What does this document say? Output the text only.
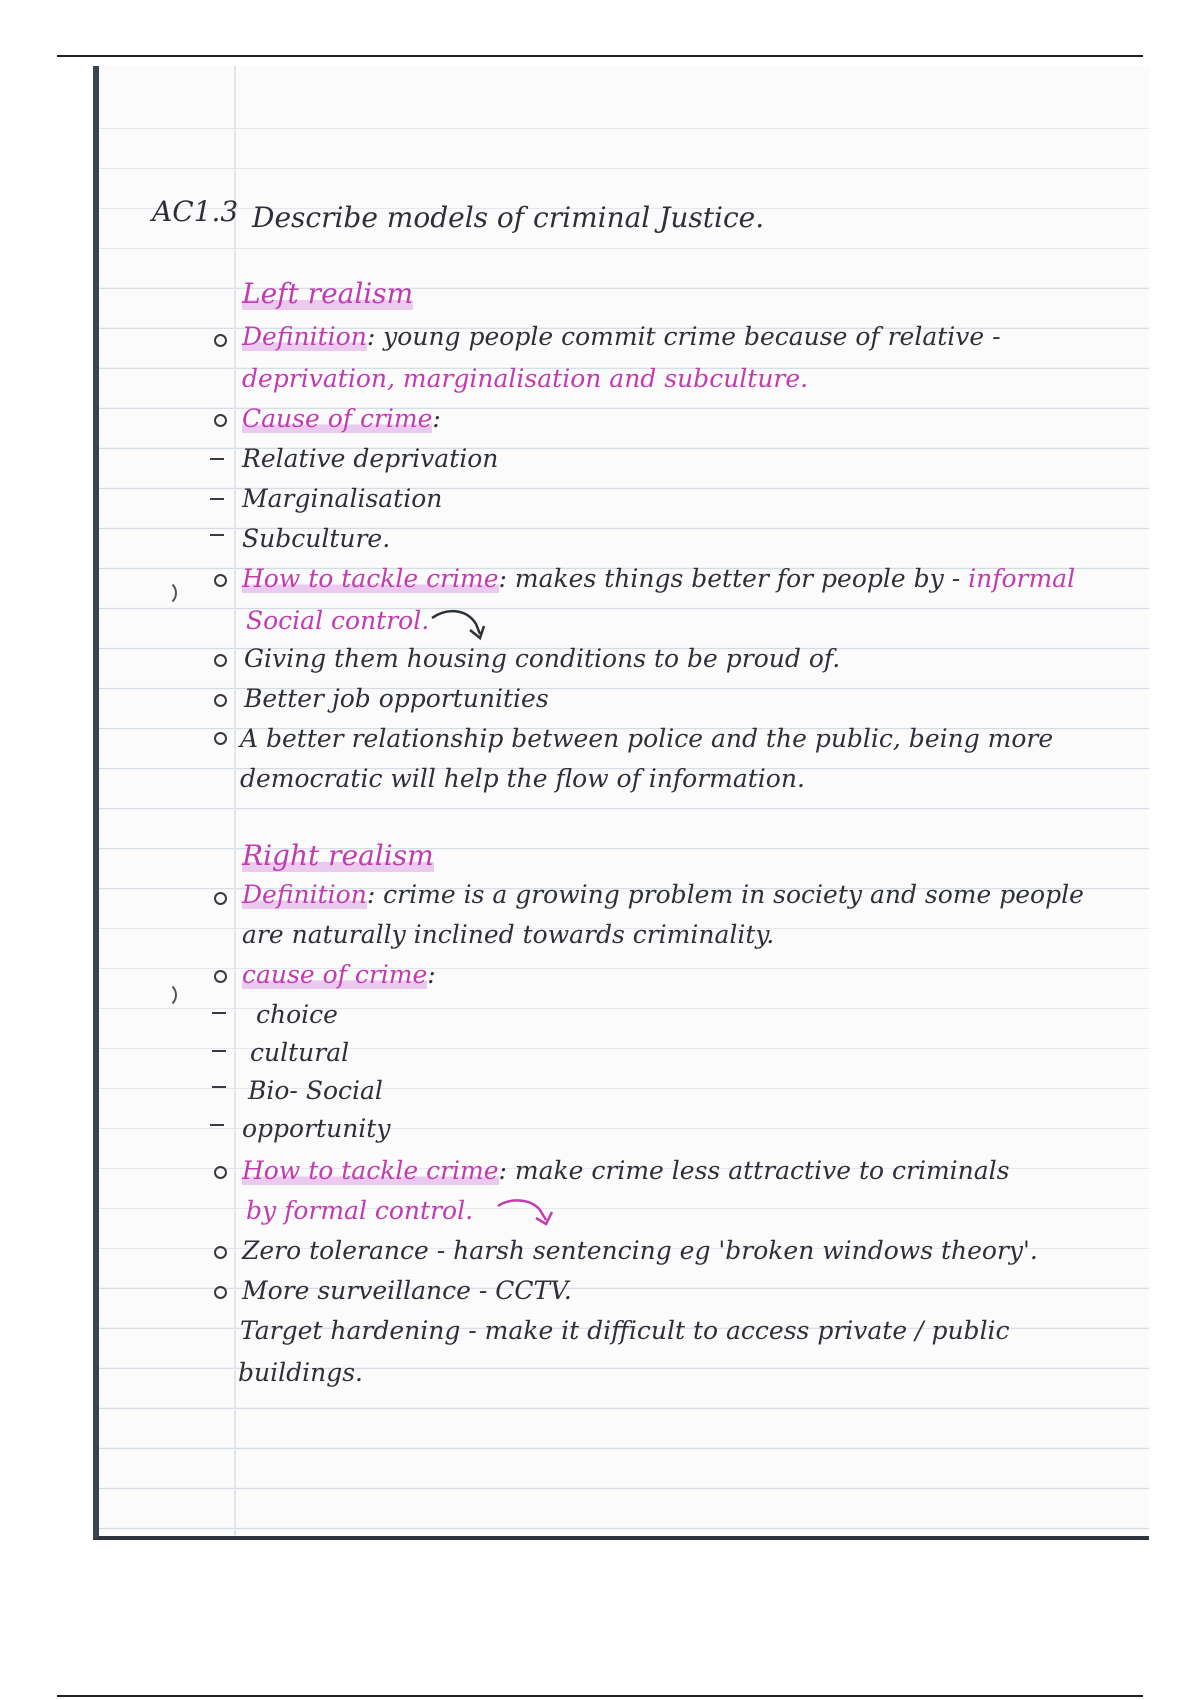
AC1.3 Describe models of criminal Justice.
Left realism
Definition: young people commit crime because of relative -
deprivation, marginalisation and subculture.
Cause of crime:
Relative deprivation
Marginalisation
Subculture.
How to tackle crime: makes things better for people by - informal
Social control.
Giving them housing conditions to be proud of.
Better job opportunities
A better relationship between police and the public, being more
democratic will help the flow of information.
Right realism
Definition: crime is a growing problem in society and some people
are naturally inclined towards criminality.
cause of crime:
choice
cultural
Bio- Social
opportunity
How to tackle crime: make crime less attractive to criminals
by formal control.
Zero tolerance - harsh sentencing eg 'broken windows theory'.
More surveillance - CCTV.
Target hardening - make it difficult to access private / public
buildings.
